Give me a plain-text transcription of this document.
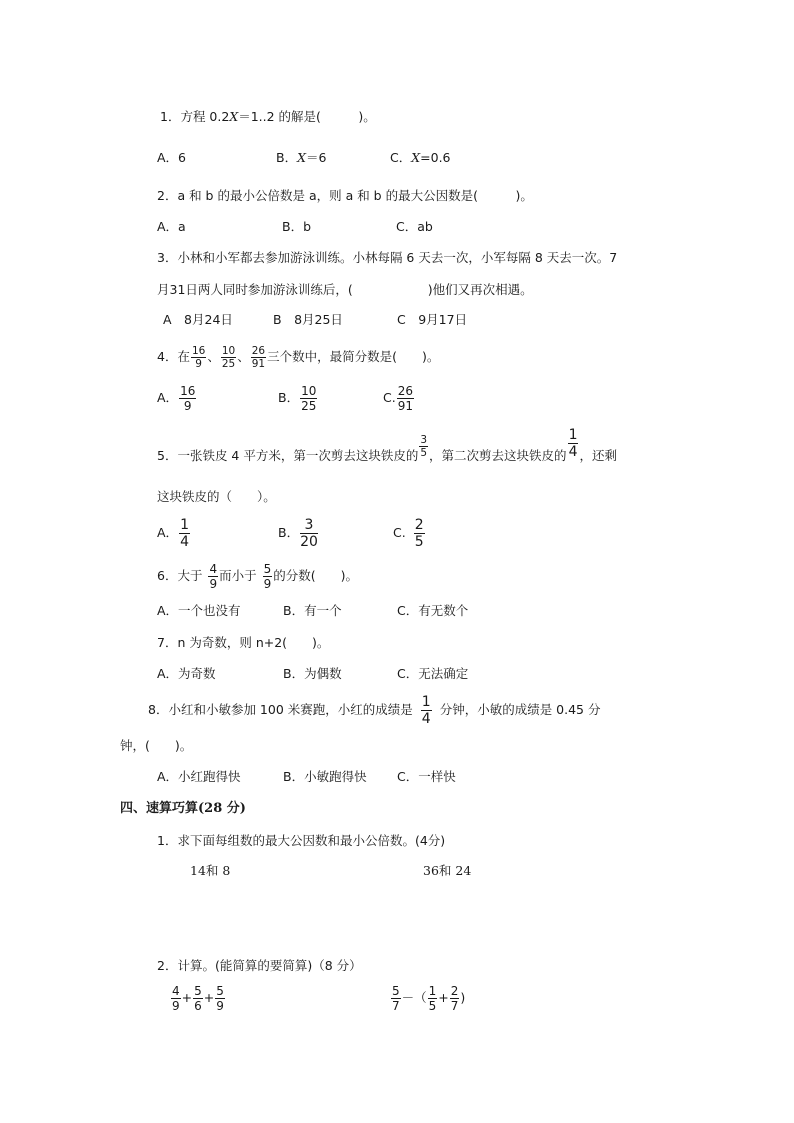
1．方程 0.2X＝1..2 的解是(　　　)。
A．6	B．X＝6	C．X=0.6
2．a 和 b 的最小公倍数是 a，则 a 和 b 的最大公因数是(　　　)。
A．a	B．b	C．ab
3．小林和小军都去参加游泳训练。小林每隔 6 天去一次，小军每隔 8 天去一次。7
月31日两人同时参加游泳训练后，(　　　　　　)他们又再次相遇。
A　8月24日	B　8月25日	C　9月17日
4．在 $\frac{16}{9}$ 、 $\frac{10}{25}$ 、 $\frac{26}{91}$ 三个数中，最简分数是(　　)。
A． $\frac{16}{9}$	B． $\frac{10}{25}$	C. $\frac{26}{91}$
5．一张铁皮 4 平方米，第一次剪去这块铁皮的 $\frac{3}{5}$ ，第二次剪去这块铁皮的 $\frac{1}{4}$ ，还剩
这块铁皮的（　　）。
A． $\frac{1}{4}$	B． $\frac{3}{20}$	C. $\frac{2}{5}$
6．大于 $\frac{4}{9}$ 而小于 $\frac{5}{9}$ 的分数(　　)。
A．一个也没有	B．有一个	C．有无数个
7．n 为奇数，则 n+2(　　)。
A．为奇数	B．为偶数	C．无法确定
8．小红和小敏参加 100 米赛跑，小红的成绩是 $\frac{1}{4}$ 分钟，小敏的成绩是 0.45 分
钟，(　　)。
A．小红跑得快	B．小敏跑得快 C．一样快
四、速算巧算(28 分)
1．求下面每组数的最大公因数和最小公倍数。(4分)
14和 8	36和 24
2．计算。(能简算的要简算)（8 分）
$\frac{4}{9} + \frac{5}{6} + \frac{5}{9}$	$\frac{5}{7}$ －（ $\frac{1}{5} + \frac{2}{7}$ )
